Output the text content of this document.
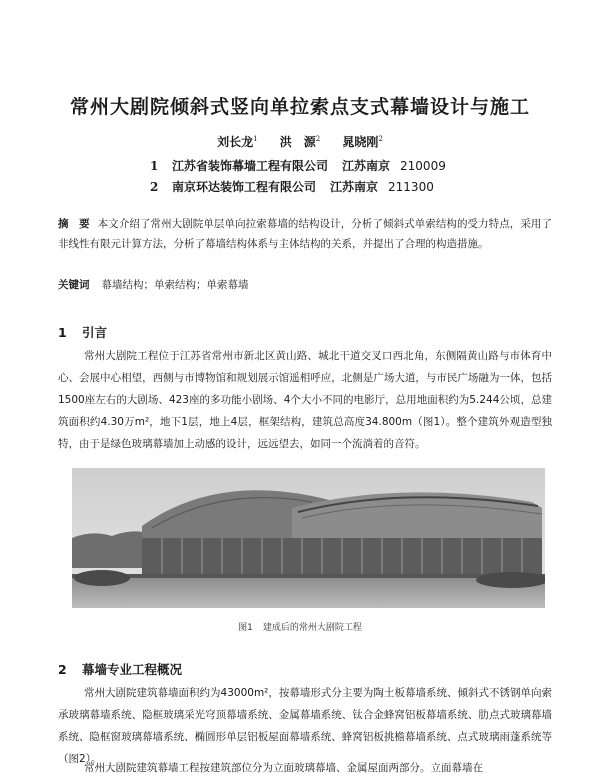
常州大剧院倾斜式竖向单拉索点支式幕墙设计与施工
刘长龙$^1$ 洪　源$^2$ 晁晓刚$^2$
1 江苏省装饰幕墙工程有限公司 江苏南京 210009
2 南京环达装饰工程有限公司 江苏南京 211300
摘　要 本文介绍了常州大剧院单层单向拉索幕墙的结构设计，分析了倾斜式单索结构的受力特点，采用了非线性有限元计算方法，分析了幕墙结构体系与主体结构的关系，并提出了合理的构造措施。
关键词 幕墙结构；单索结构；单索幕墙
1 引言
常州大剧院工程位于江苏省常州市新北区黄山路、城北干道交叉口西北角，东侧隔黄山路与市体育中心、会展中心相望，西侧与市博物馆和规划展示馆遥相呼应，北侧是广场大道，与市民广场融为一体，包括1500座左右的大剧场、423座的多功能小剧场、4个大小不同的电影厅，总用地面积约为5.244公顷，总建筑面积约4.30万m²，地下1层，地上4层，框架结构，建筑总高度34.800m（图1）。整个建筑外观造型独特，由于是绿色玻璃幕墙加上动感的设计，远远望去，如同一个流淌着的音符。
图1 建成后的常州大剧院工程
2 幕墙专业工程概况
常州大剧院建筑幕墙面积约为43000m²，按幕墙形式分主要为陶土板幕墙系统、倾斜式不锈钢单向索承玻璃幕墙系统、隐框玻璃采光穹顶幕墙系统、金属幕墙系统、钛合金蜂窝铝板幕墙系统、肋点式玻璃幕墙系统、隐框窗玻璃幕墙系统、椭圆形单层铝板屋面幕墙系统、蜂窝铝板挑檐幕墙系统、点式玻璃雨蓬系统等（图2）。
常州大剧院建筑幕墙工程按建筑部位分为立面玻璃幕墙、金属屋面两部分。立面幕墙在
